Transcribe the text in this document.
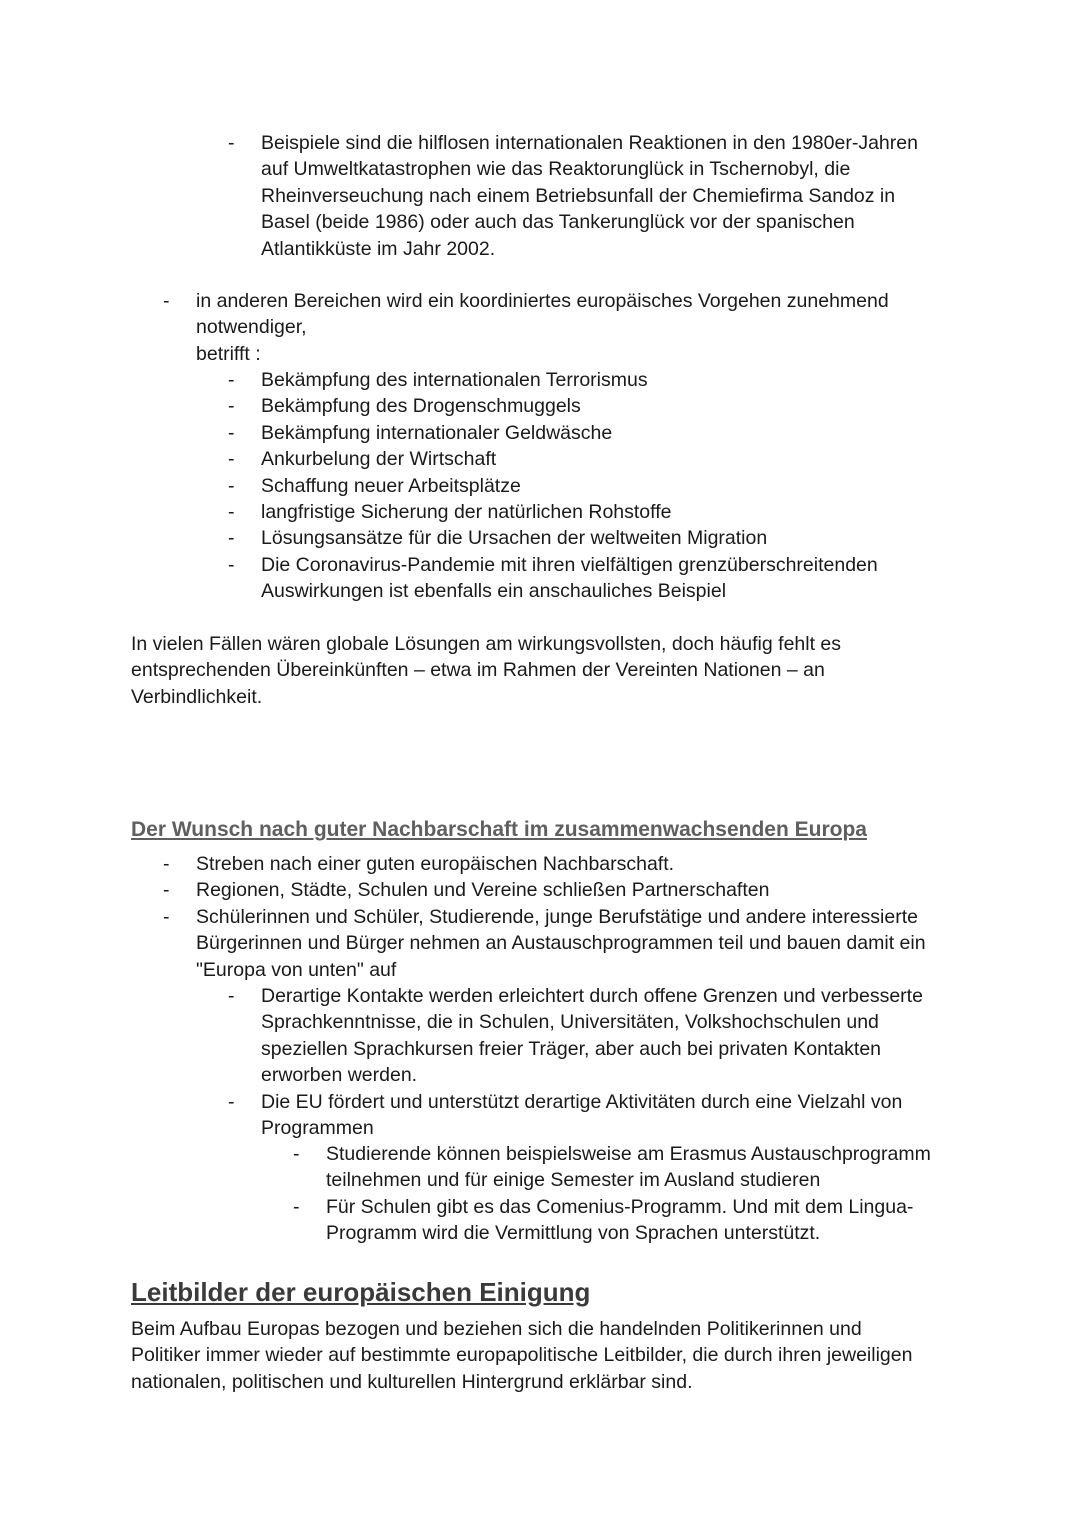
- Beispiele sind die hilflosen internationalen Reaktionen in den 1980er-Jahren auf Umweltkatastrophen wie das Reaktorunglück in Tschernobyl, die Rheinverseuchung nach einem Betriebsunfall der Chemiefirma Sandoz in Basel (beide 1986) oder auch das Tankerunglück vor der spanischen Atlantikküste im Jahr 2002.
- in anderen Bereichen wird ein koordiniertes europäisches Vorgehen zunehmend notwendiger,
betrifft :
- Bekämpfung des internationalen Terrorismus
- Bekämpfung des Drogenschmuggels
- Bekämpfung internationaler Geldwäsche
- Ankurbelung der Wirtschaft
- Schaffung neuer Arbeitsplätze
- langfristige Sicherung der natürlichen Rohstoffe
- Lösungsansätze für die Ursachen der weltweiten Migration
- Die Coronavirus-Pandemie mit ihren vielfältigen grenzüberschreitenden Auswirkungen ist ebenfalls ein anschauliches Beispiel

In vielen Fällen wären globale Lösungen am wirkungsvollsten, doch häufig fehlt es entsprechenden Übereinkünften – etwa im Rahmen der Vereinten Nationen – an Verbindlichkeit.

Der Wunsch nach guter Nachbarschaft im zusammenwachsenden Europa
- Streben nach einer guten europäischen Nachbarschaft.
- Regionen, Städte, Schulen und Vereine schließen Partnerschaften
- Schülerinnen und Schüler, Studierende, junge Berufstätige und andere interessierte Bürgerinnen und Bürger nehmen an Austauschprogrammen teil und bauen damit ein "Europa von unten" auf
- Derartige Kontakte werden erleichtert durch offene Grenzen und verbesserte Sprachkenntnisse, die in Schulen, Universitäten, Volkshochschulen und speziellen Sprachkursen freier Träger, aber auch bei privaten Kontakten erworben werden.
- Die EU fördert und unterstützt derartige Aktivitäten durch eine Vielzahl von Programmen
- Studierende können beispielsweise am Erasmus Austauschprogramm teilnehmen und für einige Semester im Ausland studieren
- Für Schulen gibt es das Comenius-Programm. Und mit dem Lingua-Programm wird die Vermittlung von Sprachen unterstützt.
Leitbilder der europäischen Einigung

Beim Aufbau Europas bezogen und beziehen sich die handelnden Politikerinnen und Politiker immer wieder auf bestimmte europapolitische Leitbilder, die durch ihren jeweiligen nationalen, politischen und kulturellen Hintergrund erklärbar sind.
